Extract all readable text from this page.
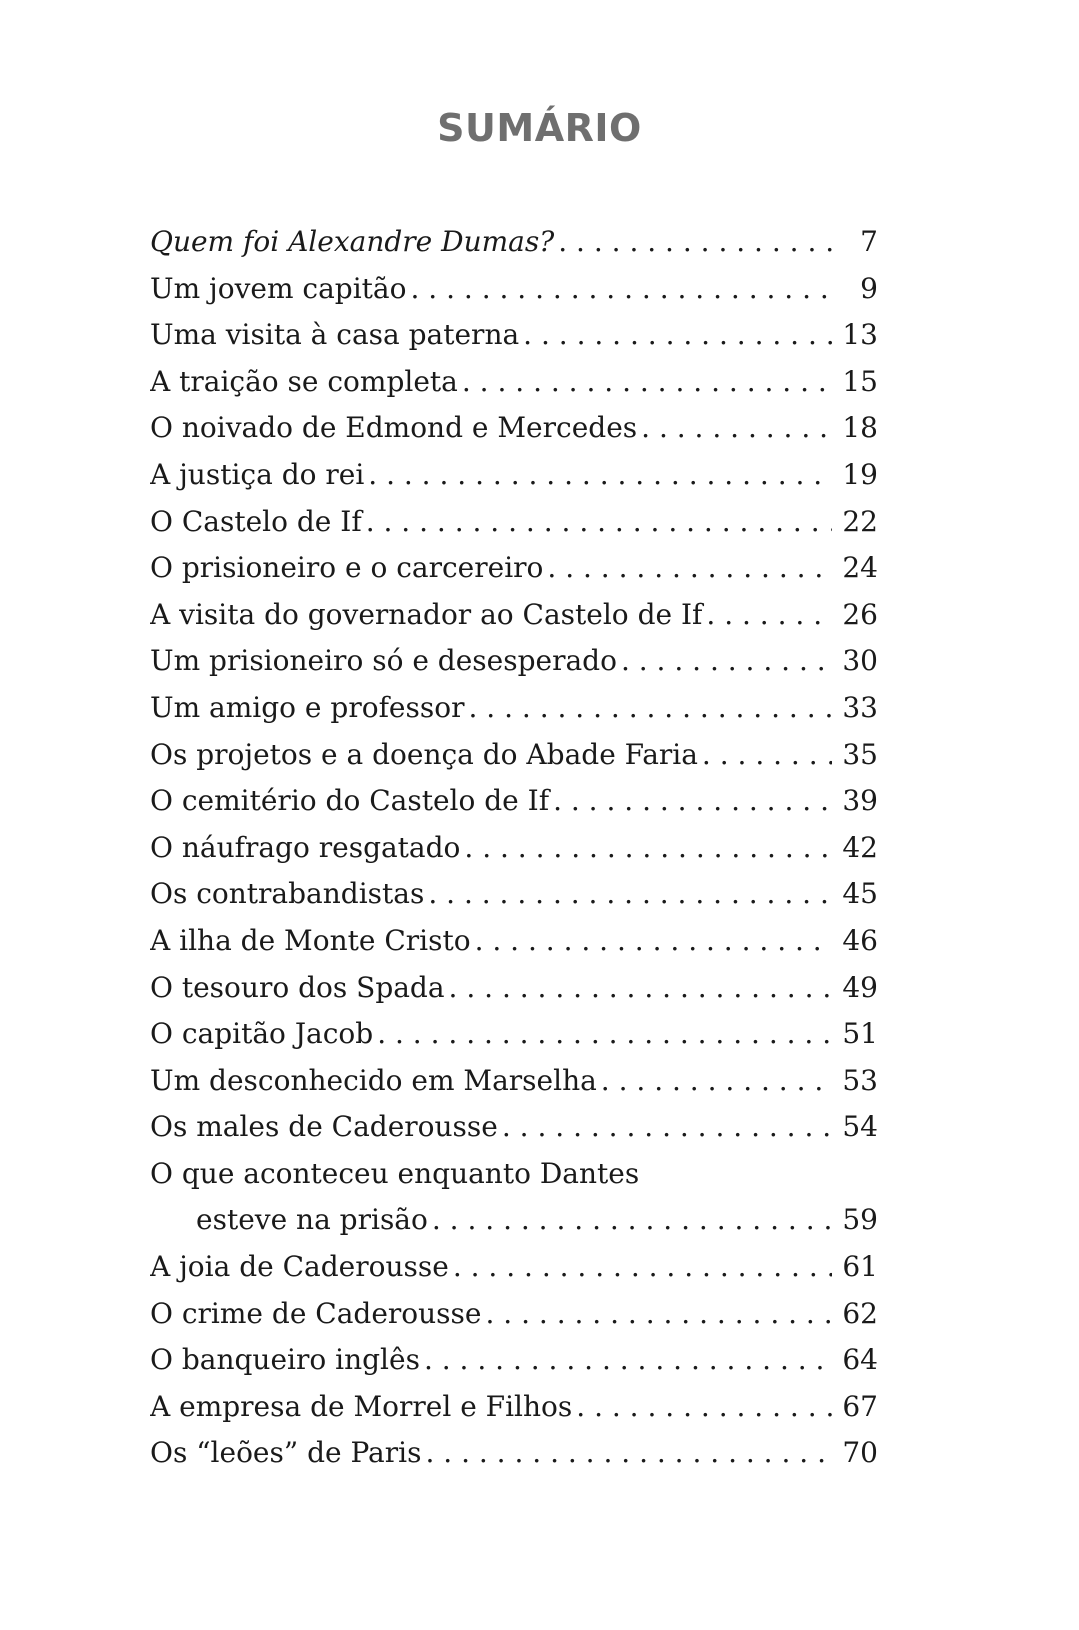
SUMÁRIO
Quem foi Alexandre Dumas? . . .	7
Um jovem capitão . . .	9
Uma visita à casa paterna . . .	13
A traição se completa . . .	15
O noivado de Edmond e Mercedes . . .	18
A justiça do rei . . .	19
O Castelo de If . . .	22
O prisioneiro e o carcereiro . . .	24
A visita do governador ao Castelo de If . . .	26
Um prisioneiro só e desesperado . . .	30
Um amigo e professor . . .	33
Os projetos e a doença do Abade Faria . . .	35
O cemitério do Castelo de If . . .	39
O náufrago resgatado . . .	42
Os contrabandistas . . .	45
A ilha de Monte Cristo . . .	46
O tesouro dos Spada . . .	49
O capitão Jacob . . .	51
Um desconhecido em Marselha . . .	53
Os males de Caderousse . . .	54
O que aconteceu enquanto Dantes
esteve na prisão . . .	59
A joia de Caderousse . . .	61
O crime de Caderousse . . .	62
O banqueiro inglês . . .	64
A empresa de Morrel e Filhos . . .	67
Os “leões” de Paris . . .	70
